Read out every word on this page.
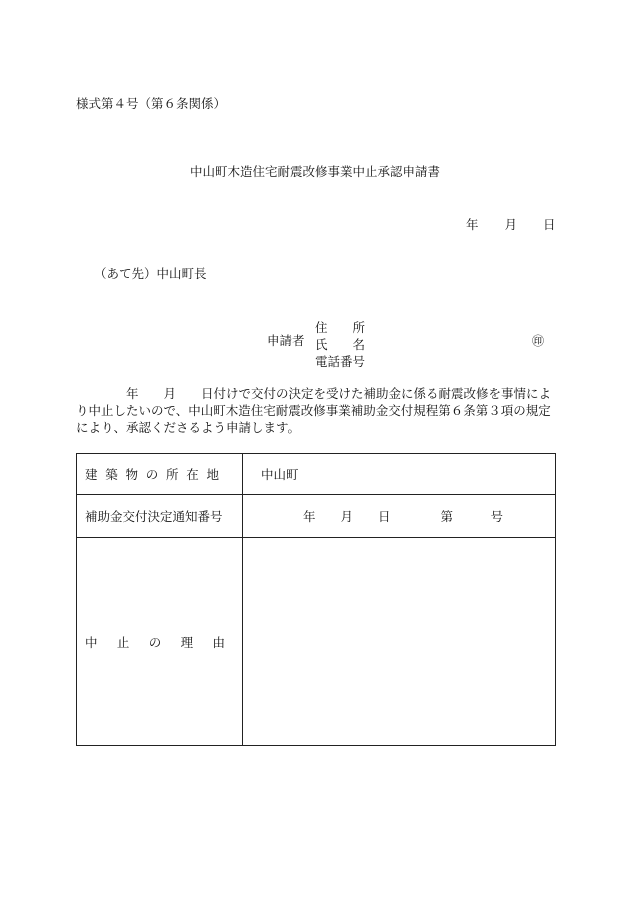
様式第４号（第６条関係）
中山町木造住宅耐震改修事業中止承認申請書
年 月 日
（あて先）中山町長
申請者
住　　所
氏　　名
電話番号
㊞
　　　　年　　月　　日付けで交付の決定を受けた補助金に係る耐震改修を事情によ
り中止したいので、中山町木造住宅耐震改修事業補助金交付規程第６条第３項の規定
により、承認くださるよう申請します。
建築物の所在地	中山町
補助金交付決定通知番号	年　　月　　日　　　　第　　　号
中止の理由	
